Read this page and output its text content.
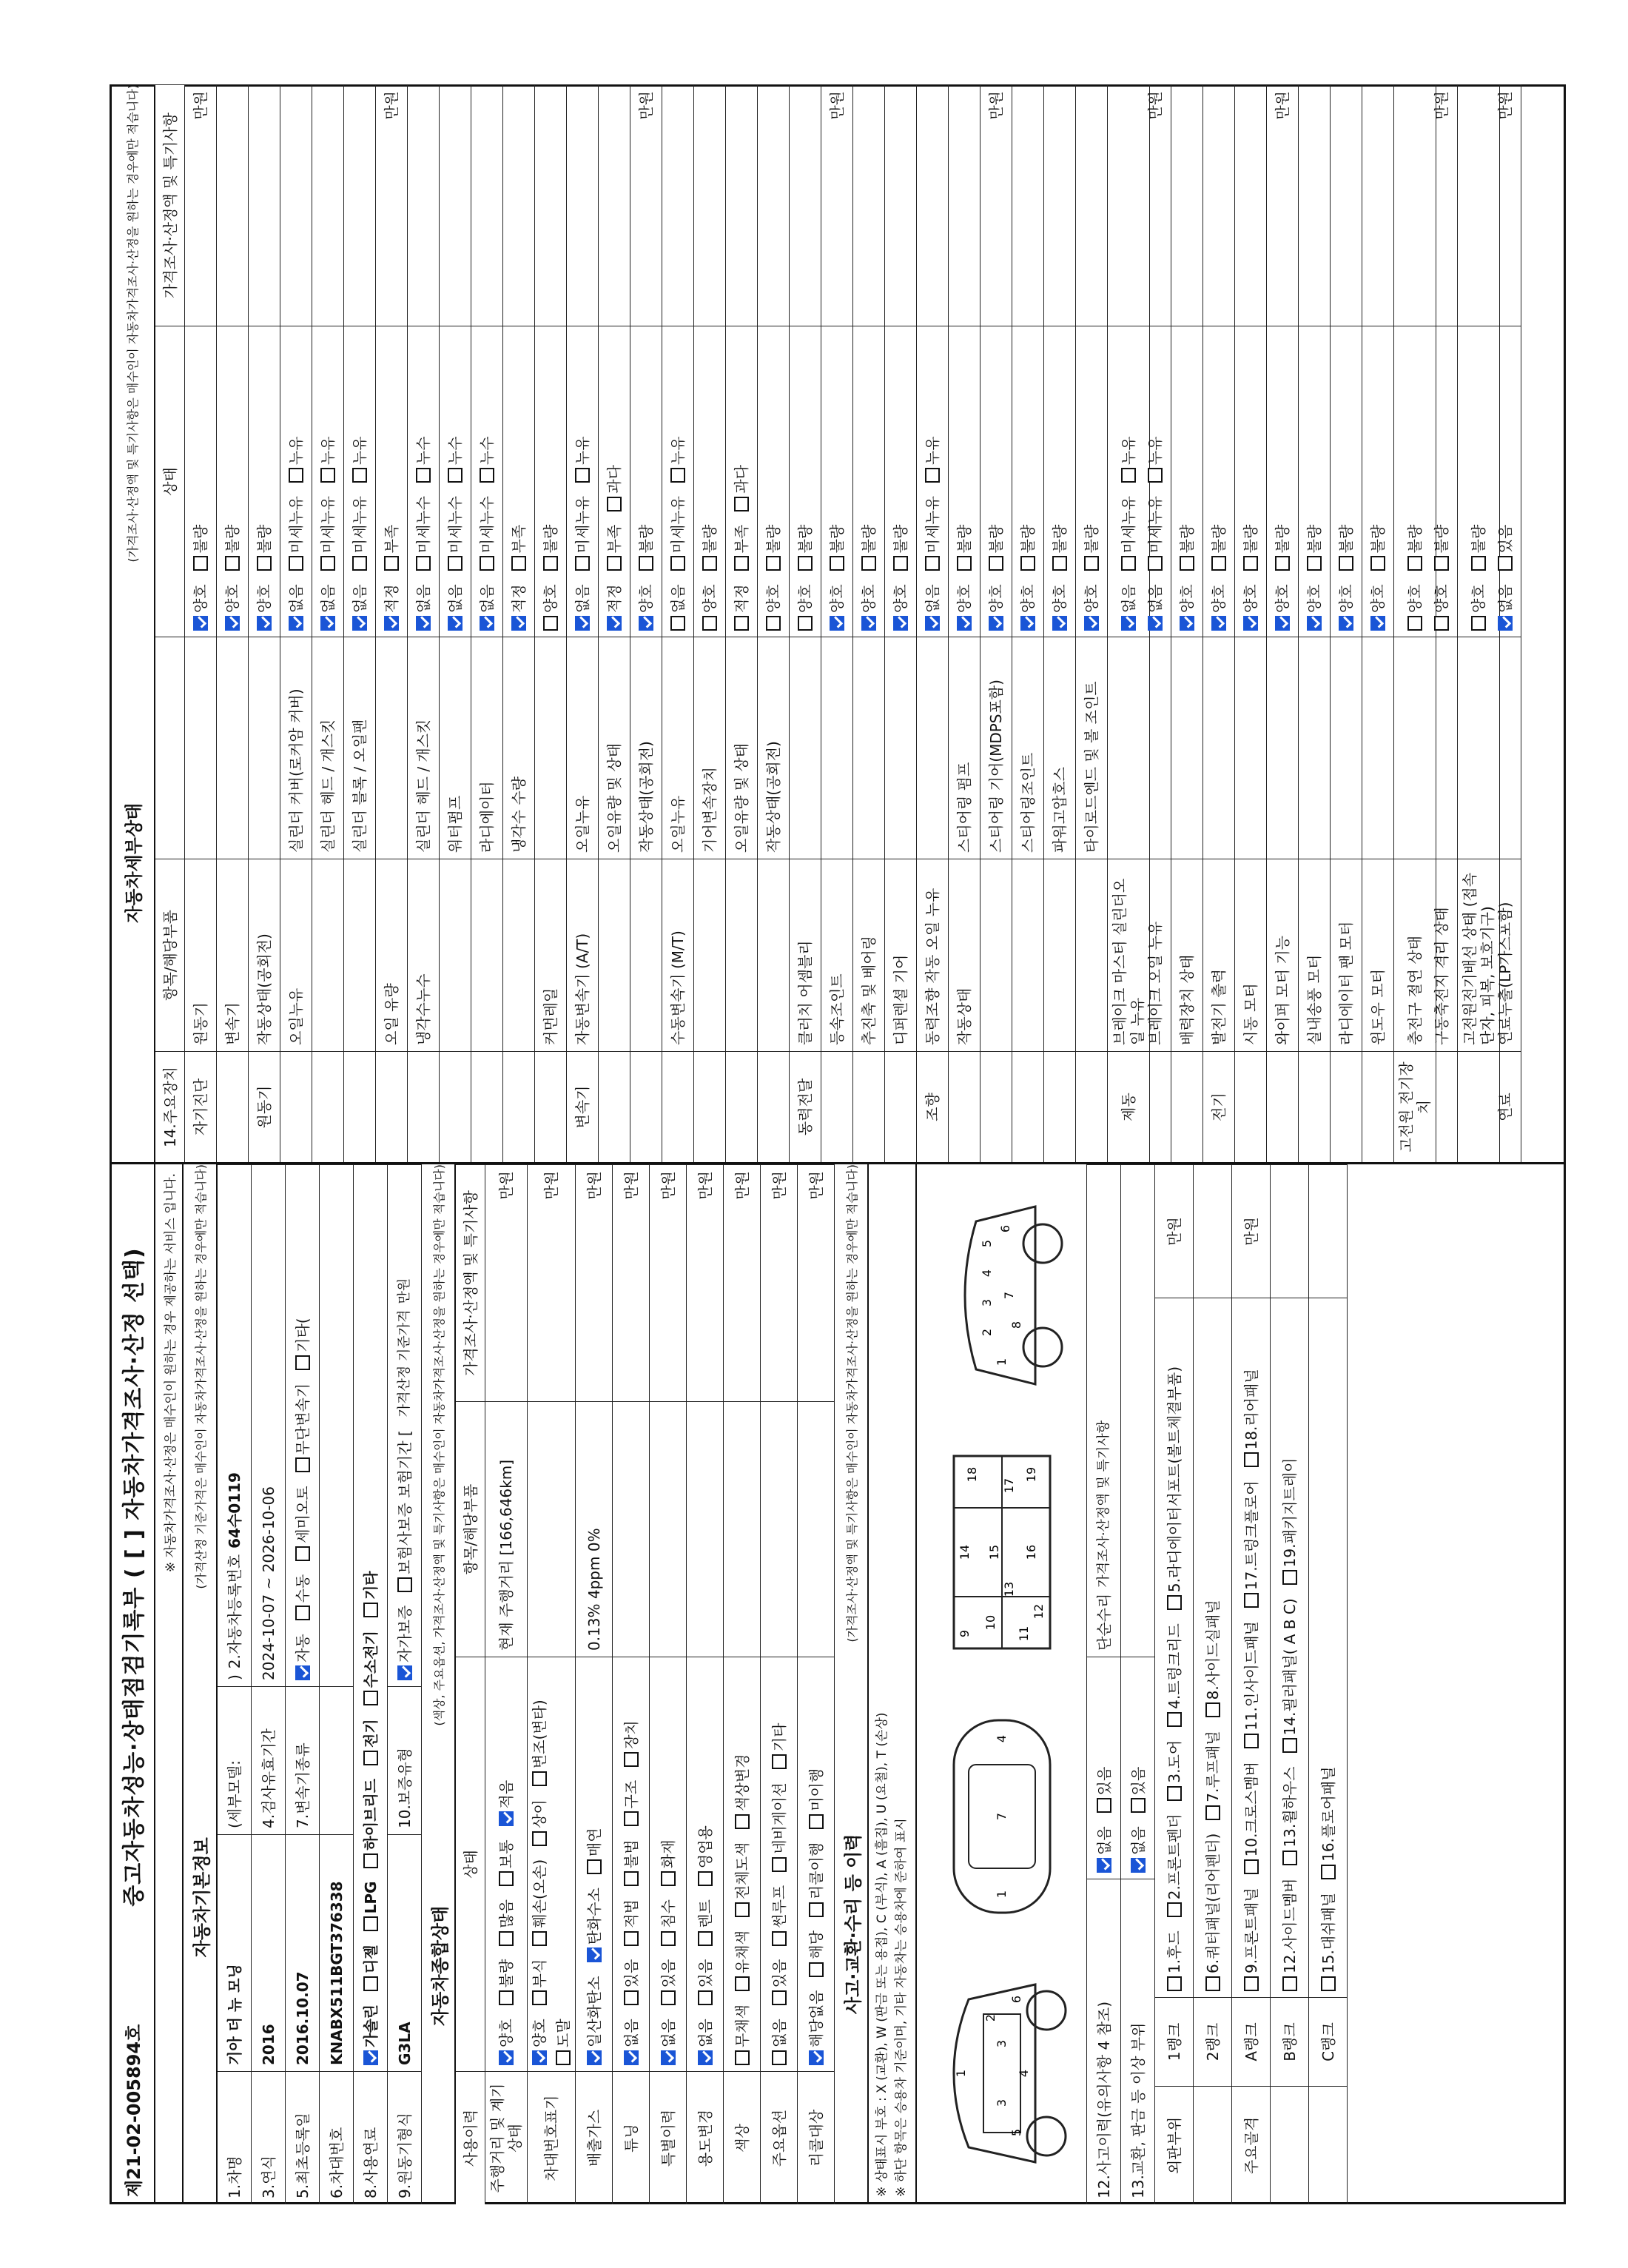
제21-02-005894호
중고자동차성능·상태점검기록부 ( [ ] 자동차가격조사·산정 선택) ※ 자동차가격조사·산정은 매수인이 원하는 경우 제공하는 서비스 입니다.
자동차기본정보
(가격산정 기준가격은 매수인이 자동차가격조사·산정을 원하는 경우에만 적습니다)
1.차명
기아 더 뉴 모닝
(세부모델:
)
2.자동차등록번호
64수0119
3.연식
2016
4.검사유효기간
2024-10-07 ~ 2026-10-06
5.최초등록일
2016.10.07
7.변속기종류
자동
수동
세미오토
무단변속기
기타(
6.차대번호
KNABX511BGT376338
8.사용연료
가솔린
디젤
LPG
하이브리드
전기
수소전기
기타
9.원동기형식
G3LA
10.보증유형
자가보증
보험사보증 보험기간 [
가격산정 기준가격
만원
자동차종합상태
(색상, 주요옵션, 가격조사·산정액 및 특기사항은 매수인이 자동차가격조사·산정을 원하는 경우에만 적습니다)
사용이력
상태
항목/해당부품
가격조사·산정액 및 특기사항
주행거리 및 계기상태
양호
불량
많음
보통
적음
현재 주행거리 [166,646km]
만원
차대번호표기
양호
부식
훼손(오손)
상이
변조(변타)
도말
만원
배출가스
일산화탄소
탄화수소
매연
0.13% 4ppm 0%
만원
튜닝
없음
있음
적법
불법
구조
장치
만원
특별이력
없음
있음
침수
화재
만원
용도변경
없음
있음
렌트
영업용
만원
색상
무채색
유채색
전체도색
색상변경
만원
주요옵션
없음
있음
썬루프
네비게이션
기타
만원
리콜대상
해당없음
해당
리콜이행
미이행
만원
사고·교환·수리 등 이력
(가격조사·산정액 및 특기사항은 매수인이 자동차가격조사·산정을 원하는 경우에만 적습니다)
※ 상태표시 부호 : X (교환), W (판금 또는 용접), C (부식), A (흠집), U (요철), T (손상) ※ 하단 항목은 승용차 기준이며, 기타 자동차는 승용차에 준하여 표시	1
2
3
3
4
5
6
1
7
4
9
10
11
12
13
14 15 16
17
18	19
1
2
3
4
5
6
7
8
12.사고이력(유의사항 4 참조)
없음
있음
단순수리
가격조사·산정액 및 특기사항
13.교환, 판금 등 이상 부위
없음
있음
외판부위
1랭크
1.후드
2.프론트펜더
3.도어
4.트렁크리드
5.라디에이터서포트(볼트체결부품)
만원
2랭크
6.쿼터패널(리어펜더)
7.루프패널
8.사이드실패널
주요골격
A랭크
9.프론트패널
10.크로스멤버
11.인사이드패널
17.트렁크플로어
18.리어패널
만원
B랭크
12.사이드멤버
13.휠하우스
14.필러패널( A B C)
19.패키지트레이
C랭크
15.대쉬패널
16.플로어패널
자동차세부상태
(가격조사·산정액 및 특기사항은 매수인이 자동차가격조사·산정을 원하는 경우에만 적습니다)
14.주요장치
항목/해당부품
상태
가격조사·산정액 및 특기사항
자기진단
원동기
양호
불량
만원
변속기
양호
불량
원동기
작동상태(공회전)
양호
불량
오일누유
실린더 커버(로커암 커버)
없음
미세누유
누유
실린더 헤드 / 개스킷
없음
미세누유
누유
실린더 블록 / 오일팬
없음
미세누유
누유
오일 유량
적정
부족
만원
냉각수누수
실린더 헤드 / 개스킷
없음
미세누수
누수
워터펌프
없음
미세누수
누수
라디에이터
없음
미세누수
누수
냉각수 수량
적정
부족
커먼레일
양호
불량
변속기
자동변속기 (A/T)
오일누유
없음
미세누유
누유
오일유량 및 상태
적정
부족
과다
작동상태(공회전)
양호
불량
만원
수동변속기 (M/T)
오일누유
없음
미세누유
누유
기어변속장치
양호
불량
오일유량 및 상태
적정
부족
과다
작동상태(공회전)
양호
불량
동력전달
클러치 어셈블리
양호
불량
등속조인트
양호
불량
만원
추진축 및 베어링
양호
불량
디퍼렌셜 기어
양호
불량
조향
동력조향 작동 오일 누유
없음
미세누유
누유
작동상태
스티어링 펌프
양호
불량
스티어링 기어(MDPS포함)
양호
불량
만원
스티어링조인트
양호
불량
파워고압호스
양호
불량
타이로드엔드 및 볼 조인트
양호
불량
제동
브레이크 마스터 실린더오일 누유
없음
미세누유
누유
브레이크 오일 누유
없음
미세누유
누유
만원
배력장치 상태
양호
불량
전기
발전기 출력
양호
불량
시동 모터
양호
불량
와이퍼 모터 기능
양호
불량
만원
실내송풍 모터
양호
불량
라디에이터 팬 모터
양호
불량
윈도우 모터
양호
불량
고전원 전기장치
충전구 절연 상태
양호
불량
구동축전지 격리 상태
양호
불량
만원
고전원전기배선 상태 (접속단자, 피복, 보호기구)
양호
불량
연료
연료누출(LP가스포함)
없음
있음
만원
